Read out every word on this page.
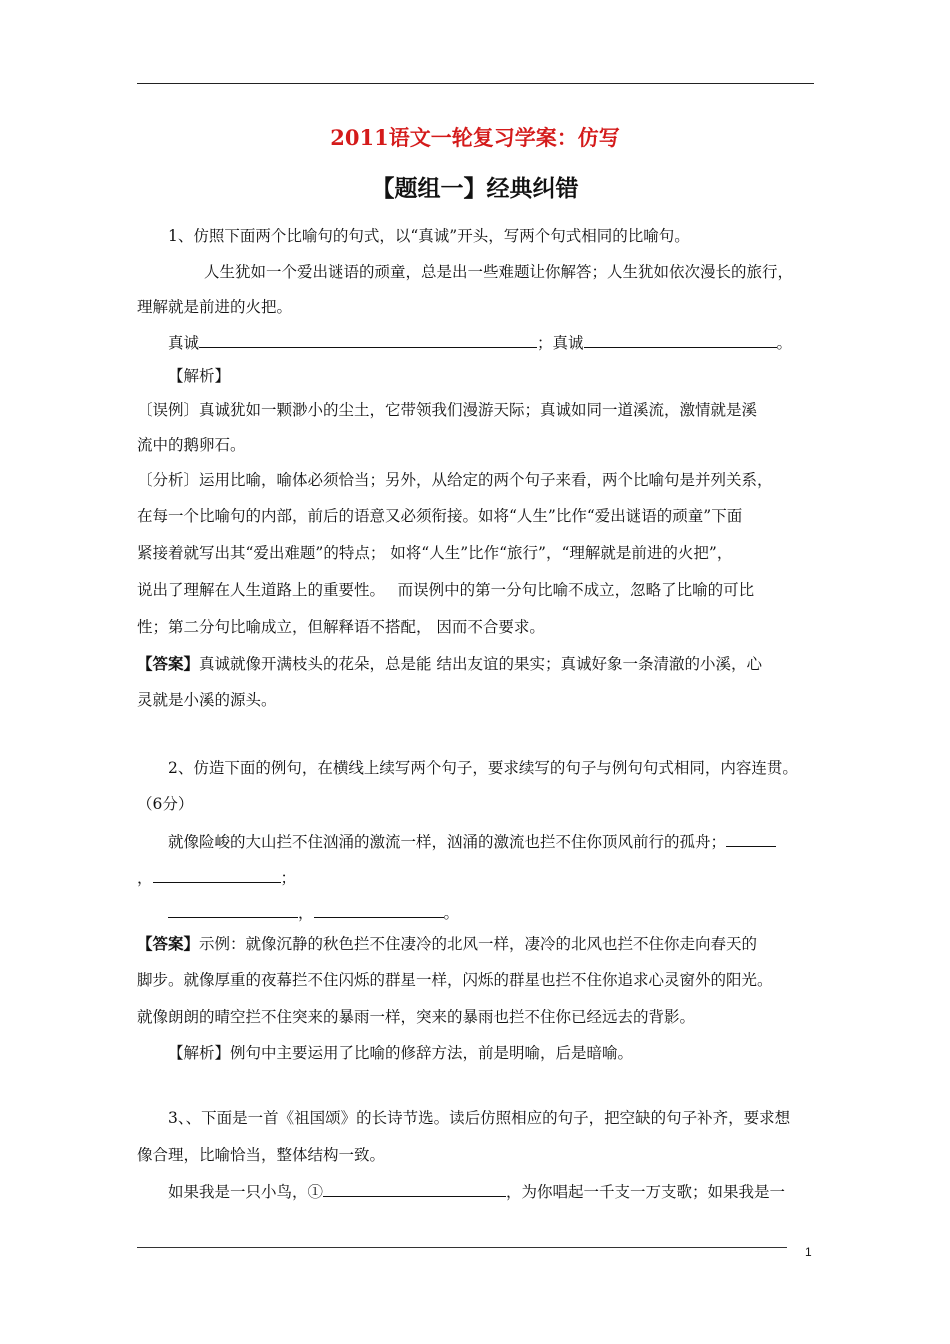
2011语文一轮复习学案：仿写
【题组一】经典纠错
1、仿照下面两个比喻句的句式，以“真诚”开头，写两个句式相同的比喻句。
人生犹如一个爱出谜语的顽童，总是出一些难题让你解答；人生犹如依次漫长的旅行，
理解就是前进的火把。
真诚	；真诚	。
【解析】
〔误例〕真诚犹如一颗渺小的尘土，它带领我们漫游天际；真诚如同一道溪流，激情就是溪
流中的鹅卵石。
〔分析〕运用比喻，喻体必须恰当；另外，从给定的两个句子来看，两个比喻句是并列关系，
在每一个比喻句的内部，前后的语意又必须衔接。如将“人生”比作“爱出谜语的顽童”下面
紧接着就写出其“爱出难题”的特点； 如将“人生”比作“旅行”，“理解就是前进的火把”，
说出了理解在人生道路上的重要性。　 而误例中的第一分句比喻不成立，忽略了比喻的可比
性；第二分句比喻成立，但解释语不搭配， 因而不合要求。
【答案】真诚就像开满枝头的花朵，总是能 结出友谊的果实；真诚好象一条清澈的小溪，心
灵就是小溪的源头。
2、仿造下面的例句，在横线上续写两个句子，要求续写的句子与例句句式相同，内容连贯。
（6分）
就像险峻的大山拦不住汹涌的激流一样，汹涌的激流也拦不住你顶风前行的孤舟；
，	；
，	。
【答案】示例：就像沉静的秋色拦不住凄冷的北风一样，凄冷的北风也拦不住你走向春天的
脚步。就像厚重的夜幕拦不住闪烁的群星一样，闪烁的群星也拦不住你追求心灵窗外的阳光。
就像朗朗的晴空拦不住突来的暴雨一样，突来的暴雨也拦不住你已经远去的背影。
【解析】例句中主要运用了比喻的修辞方法，前是明喻，后是暗喻。
3、、下面是一首《祖国颂》的长诗节选。读后仿照相应的句子，把空缺的句子补齐，要求想
像合理，比喻恰当，整体结构一致。
如果我是一只小鸟，①	，为你唱起一千支一万支歌；如果我是一
1
